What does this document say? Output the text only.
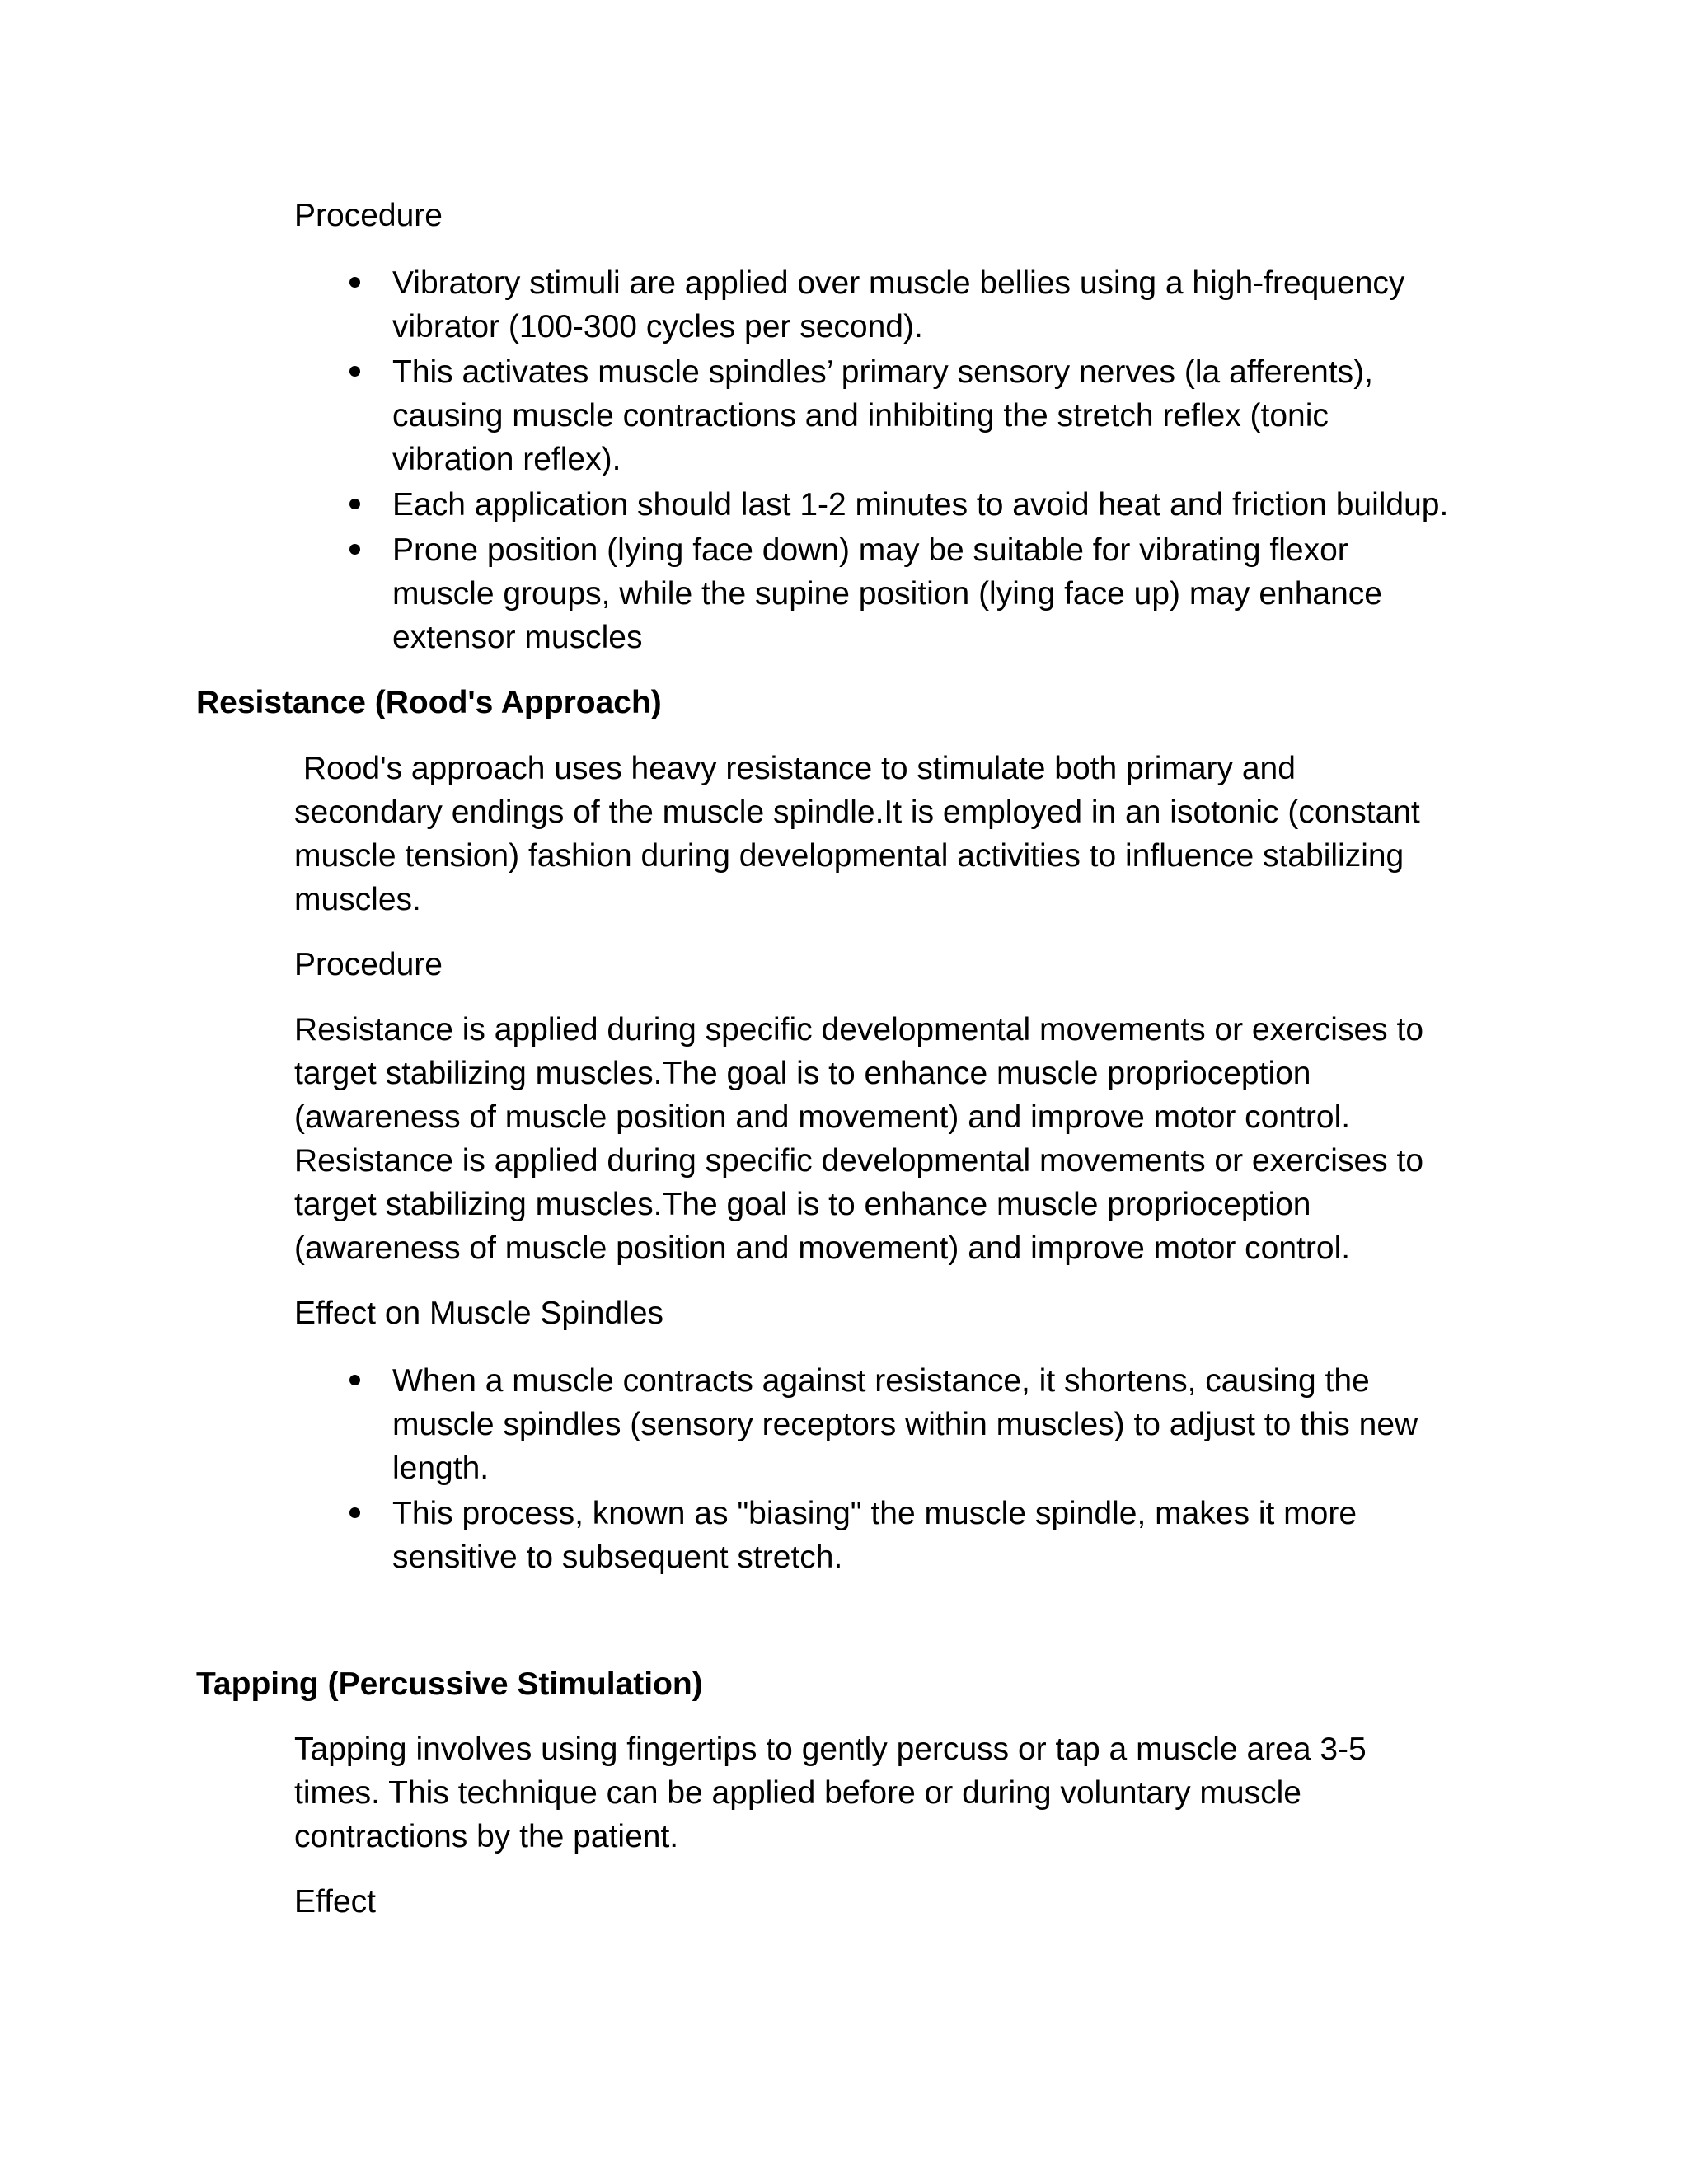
Procedure

Vibratory stimuli are applied over muscle bellies using a high-frequency

vibrator (100-300 cycles per second).

This activates muscle spindles’ primary sensory nerves (la afferents),

causing muscle contractions and inhibiting the stretch reflex (tonic

vibration reflex).

Each application should last 1-2 minutes to avoid heat and friction buildup.

Prone position (lying face down) may be suitable for vibrating flexor

muscle groups, while the supine position (lying face up) may enhance

extensor muscles

Resistance (Rood's Approach)

Rood's approach uses heavy resistance to stimulate both primary and

secondary endings of the muscle spindle.It is employed in an isotonic (constant

muscle tension) fashion during developmental activities to influence stabilizing

muscles.

Procedure

Resistance is applied during specific developmental movements or exercises to

target stabilizing muscles.The goal is to enhance muscle proprioception

(awareness of muscle position and movement) and improve motor control.

Resistance is applied during specific developmental movements or exercises to

target stabilizing muscles.The goal is to enhance muscle proprioception

(awareness of muscle position and movement) and improve motor control.

Effect on Muscle Spindles

When a muscle contracts against resistance, it shortens, causing the

muscle spindles (sensory receptors within muscles) to adjust to this new

length.

This process, known as "biasing" the muscle spindle, makes it more

sensitive to subsequent stretch.

Tapping (Percussive Stimulation)

Tapping involves using fingertips to gently percuss or tap a muscle area 3-5

times. This technique can be applied before or during voluntary muscle

contractions by the patient.

Effect
